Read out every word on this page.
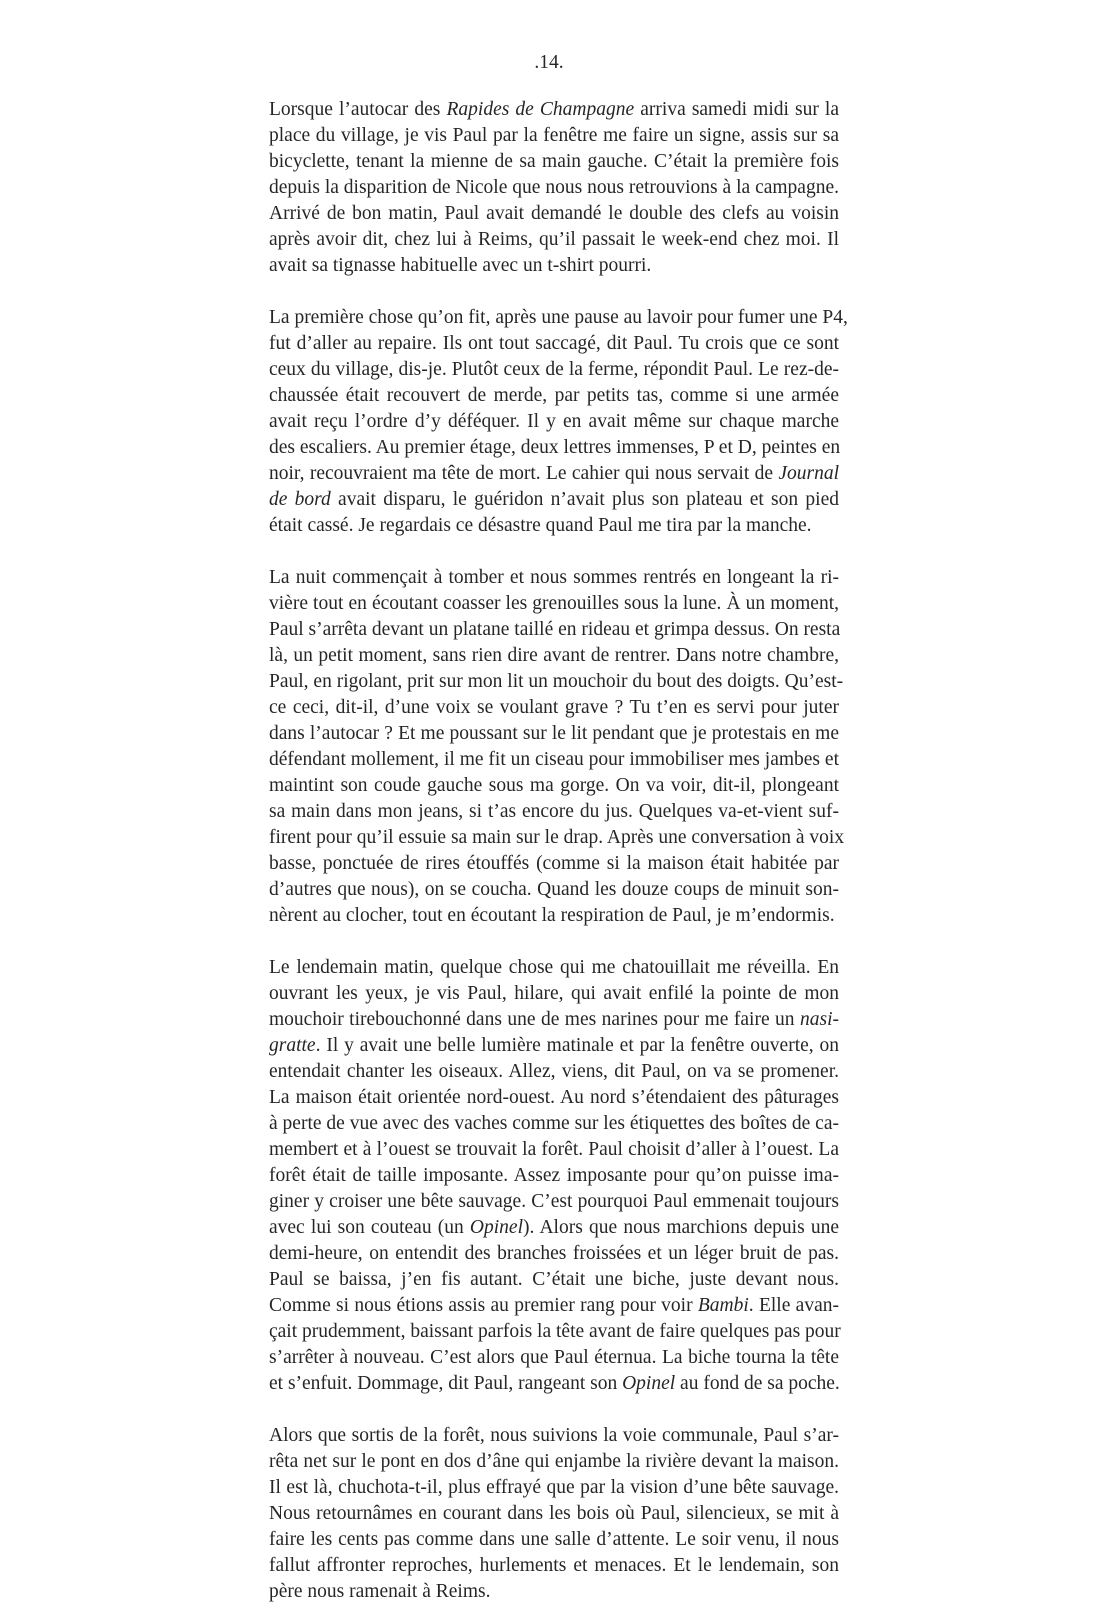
.14.

Lorsque l’autocar des Rapides de Champagne arriva samedi midi sur la
place du village, je vis Paul par la fenêtre me faire un signe, assis sur sa
bicyclette, tenant la mienne de sa main gauche. C’était la première fois
depuis la disparition de Nicole que nous nous retrouvions à la campagne.
Arrivé de bon matin, Paul avait demandé le double des clefs au voisin
après avoir dit, chez lui à Reims, qu’il passait le week-end chez moi. Il
avait sa tignasse habituelle avec un t-shirt pourri.

La première chose qu’on fit, après une pause au lavoir pour fumer une P4,
fut d’aller au repaire. Ils ont tout saccagé, dit Paul. Tu crois que ce sont
ceux du village, dis-je. Plutôt ceux de la ferme, répondit Paul. Le rez-de-
chaussée était recouvert de merde, par petits tas, comme si une armée
avait reçu l’ordre d’y déféquer. Il y en avait même sur chaque marche
des escaliers. Au premier étage, deux lettres immenses, P et D, peintes en
noir, recouvraient ma tête de mort. Le cahier qui nous servait de Journal
de bord avait disparu, le guéridon n’avait plus son plateau et son pied
était cassé. Je regardais ce désastre quand Paul me tira par la manche.

La nuit commençait à tomber et nous sommes rentrés en longeant la ri-
vière tout en écoutant coasser les grenouilles sous la lune. À un moment,
Paul s’arrêta devant un platane taillé en rideau et grimpa dessus. On resta
là, un petit moment, sans rien dire avant de rentrer. Dans notre chambre,
Paul, en rigolant, prit sur mon lit un mouchoir du bout des doigts. Qu’est-
ce ceci, dit-il, d’une voix se voulant grave ? Tu t’en es servi pour juter
dans l’autocar ? Et me poussant sur le lit pendant que je protestais en me
défendant mollement, il me fit un ciseau pour immobiliser mes jambes et
maintint son coude gauche sous ma gorge. On va voir, dit-il, plongeant
sa main dans mon jeans, si t’as encore du jus. Quelques va-et-vient suf-
firent pour qu’il essuie sa main sur le drap. Après une conversation à voix
basse, ponctuée de rires étouffés (comme si la maison était habitée par
d’autres que nous), on se coucha. Quand les douze coups de minuit son-
nèrent au clocher, tout en écoutant la respiration de Paul, je m’endormis.

Le lendemain matin, quelque chose qui me chatouillait me réveilla. En
ouvrant les yeux, je vis Paul, hilare, qui avait enfilé la pointe de mon
mouchoir tirebouchonné dans une de mes narines pour me faire un nasi-
gratte. Il y avait une belle lumière matinale et par la fenêtre ouverte, on
entendait chanter les oiseaux. Allez, viens, dit Paul, on va se promener.
La maison était orientée nord-ouest. Au nord s’étendaient des pâturages
à perte de vue avec des vaches comme sur les étiquettes des boîtes de ca-
membert et à l’ouest se trouvait la forêt. Paul choisit d’aller à l’ouest. La
forêt était de taille imposante. Assez imposante pour qu’on puisse ima-
giner y croiser une bête sauvage. C’est pourquoi Paul emmenait toujours
avec lui son couteau (un Opinel). Alors que nous marchions depuis une
demi-heure, on entendit des branches froissées et un léger bruit de pas.
Paul se baissa, j’en fis autant. C’était une biche, juste devant nous.
Comme si nous étions assis au premier rang pour voir Bambi. Elle avan-
çait prudemment, baissant parfois la tête avant de faire quelques pas pour
s’arrêter à nouveau. C’est alors que Paul éternua. La biche tourna la tête
et s’enfuit. Dommage, dit Paul, rangeant son Opinel au fond de sa poche.

Alors que sortis de la forêt, nous suivions la voie communale, Paul s’ar-
rêta net sur le pont en dos d’âne qui enjambe la rivière devant la maison.
Il est là, chuchota-t-il, plus effrayé que par la vision d’une bête sauvage.
Nous retournâmes en courant dans les bois où Paul, silencieux, se mit à
faire les cents pas comme dans une salle d’attente. Le soir venu, il nous
fallut affronter reproches, hurlements et menaces. Et le lendemain, son
père nous ramenait à Reims.
